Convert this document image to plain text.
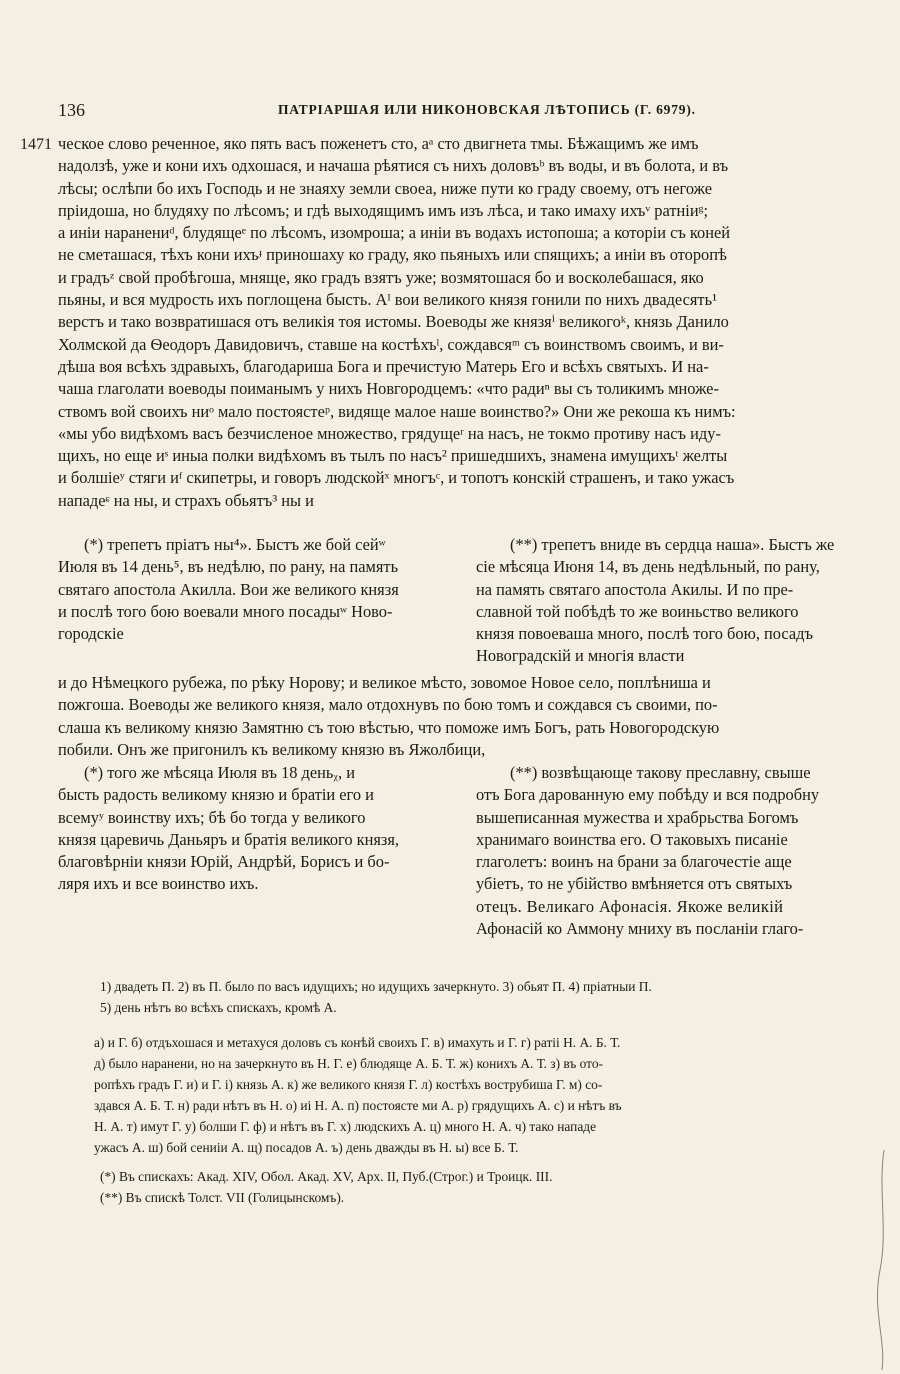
136	ПАТРІАРШАЯ ИЛИ НИКОНОВСКАЯ ЛѢТОПИСЬ (Г. 6979).
1471 ческое слово реченное, яко пять васъ поженетъ сто, аᵃ сто двигнета тмы. Бѣжащимъ же имъ
надолзѣ, уже и кони ихъ одхошася, и начаша рѣятися съ нихъ доловъᵇ въ воды, и въ болота, и въ
лѣсы; ослѣпи бо ихъ Господь и не знаяху земли своеа, ниже пути ко граду своему, отъ негоже
пріидоша, но блудяху по лѣсомъ; и гдѣ выходящимъ имъ изъ лѣса, и тако имаху ихъᵛ ратніиᵍ;
а иніи наранениᵈ, блудящеᵉ по лѣсомъ, изомроша; а иніи въ водахъ истопоша; а которіи съ коней
не сметашася, тѣхъ кони ихъᶡ приношаху ко граду, яко пьяныхъ или спящихъ; а иніи въ оторопѣ
и градъᶻ свой пробѣгоша, мняще, яко градъ взятъ уже; возмятошася бо и восколебашася, яко
пьяны, и вся мудрость ихъ поглощена бысть. Аᴵ вои великого князя гонили по нихъ двадесять¹
верстъ и тако возвратишася отъ великія тоя истомы. Воеводы же князяⁱ великогоᵏ, князь Данило
Холмской да Ѳеодоръ Давидовичъ, ставше на костѣхъˡ, сождавсяᵐ съ воинствомъ своимъ, и ви-
дѣша воя всѣхъ здравыхъ, благодариша Бога и пречистую Матерь Его и всѣхъ святыхъ. И на-
чаша глаголати воеводы поиманымъ у нихъ Новгородцемъ: «что радиⁿ вы съ толикимъ множе-
ствомъ вой своихъ ниᵒ мало постоястеᵖ, видяще малое наше воинство?» Они же рекоша къ нимъ:
«мы убо видѣхомъ васъ безчисленое множество, грядущеʳ на насъ, не токмо противу насъ иду-
щихъ, но еще иˢ иныа полки видѣхомъ въ тылъ по насъ² пришедшихъ, знамена имущихъᵗ желты
и болшіеʸ стяги иᶠ скипетры, и говоръ людскойˣ многъᶜ, и топотъ конскій страшенъ, и тако ужасъ
нападеᶝ на ны, и страхъ обьятъ³ ны и
(*) трепетъ пріатъ ны⁴». Быстъ же бой сейʷ
Июля въ 14 день⁵, въ недѣлю, по рану, на память
святаго апостола Акилла. Вои же великого князя
и послѣ того бою воевали много посадыʷ Ново-
городскіе
(**) трепетъ вниде въ сердца наша». Быстъ же
сіе мѣсяца Июня 14, въ день недѣльный, по рану,
на память святаго апостола Акилы. И по пре-
славной той побѣдѣ то же воиньство великого
князя повоеваша много, послѣ того бою, посадъ
Новоградскій и многія власти
и до Нѣмецкого рубежа, по рѣку Норову; и великое мѣсто, зовомое Новое село, поплѣниша и
пожгоша. Воеводы же великого князя, мало отдохнувъ по бою томъ и сождався съ своими, по-
слаша къ великому князю Замятню съ тою вѣстью, что поможе имъ Богъ, рать Новогородскую
побили. Онъ же пригонилъ къ великому князю въ Яжолбици,
(*) того же мѣсяца Июля въ 18 деньᵪ, и
бысть радость великому князю и братіи его и
всемуʸ воинству ихъ; бѣ бо тогда у великого
князя царевичь Даньяръ и братія великого князя,
благовѣрніи князи Юрій, Андрѣй, Борисъ и бо-
ляря ихъ и все воинство ихъ.
(**) возвѣщающе такову преславну, свыше
отъ Бога дарованную ему побѣду и вся подробну
вышеписанная мужества и храбрьства Богомъ
хранимаго воинства его. О таковыхъ писаніе
глаголетъ: воинъ на брани за благочестіе аще
убіетъ, то не убійство вмѣняется отъ святыхъ
отецъ. Великаго Афонасія. Якоже великій
Афонасій ко Аммону мниху въ посланіи глаго-
1) двадеть П. 2) въ П. было по васъ идущихъ; но идущихъ зачеркнуто. 3) обьят П. 4) пріатныи П.
5) день нѣтъ во всѣхъ спискахъ, кромѣ А.
а) и Г. б) отдъхошася и метахуся доловъ съ конѣй своихъ Г. в) имахуть и Г. г) ратіі Н. А. Б. Т.
д) было наранени, но на зачеркнуто въ Н. Г. е) блюдяще А. Б. Т. ж) кониxъ А. Т. з) въ ото-
ропѣхъ градъ Г. и) и Г. і) князь А. к) же великого князя Г. л) костѣхъ вострубиша Г. м) со-
здався А. Б. Т. н) ради нѣтъ въ Н. о) иі Н. А. п) постоясте ми А. р) грядущихъ А. с) и нѣтъ въ
Н. А. т) имут Г. у) болши Г. ф) и нѣтъ въ Г. х) людскихъ А. ц) много Н. А. ч) тако нападе
ужасъ А. ш) бой сениіи А. щ) посадов А. ъ) день дважды въ Н. ы) все Б. Т.
(*) Въ спискахъ: Акад. XIV, Обол. Акад. XV, Арх. II, Пуб.(Строг.) и Троицк. III.
(**) Въ спискѣ Толст. VII (Голицынскомъ).
